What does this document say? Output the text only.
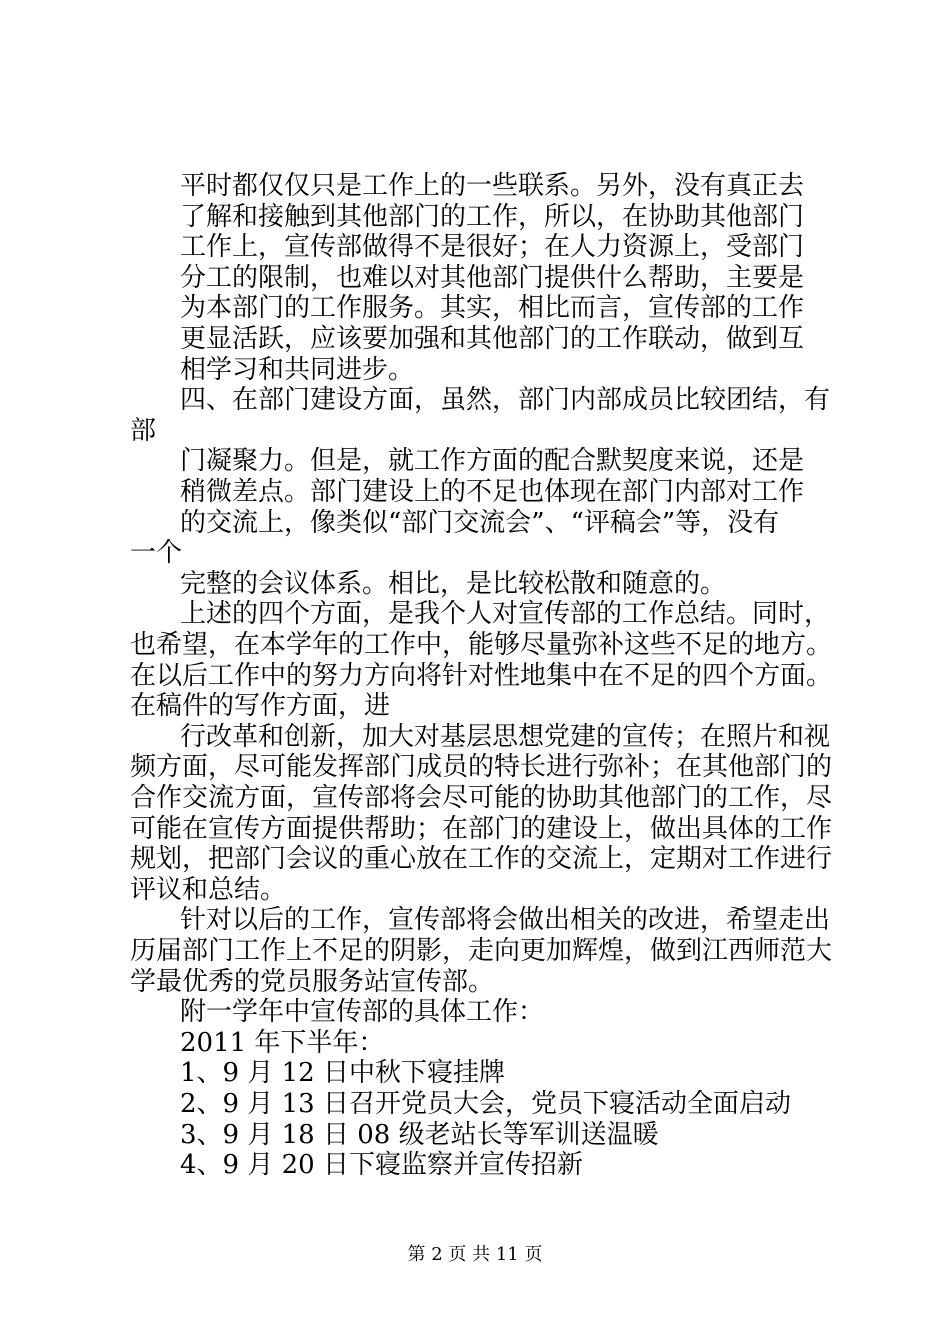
平时都仅仅只是工作上的一些联系。另外，没有真正去
了解和接触到其他部门的工作，所以，在协助其他部门
工作上，宣传部做得不是很好；在人力资源上，受部门
分工的限制，也难以对其他部门提供什么帮助，主要是
为本部门的工作服务。其实，相比而言，宣传部的工作
更显活跃，应该要加强和其他部门的工作联动，做到互
相学习和共同进步。
四、在部门建设方面，虽然，部门内部成员比较团结，有
部
门凝聚力。但是，就工作方面的配合默契度来说，还是
稍微差点。部门建设上的不足也体现在部门内部对工作
的交流上，像类似“部门交流会”、“评稿会”等，没有
一个
完整的会议体系。相比，是比较松散和随意的。
上述的四个方面，是我个人对宣传部的工作总结。同时，
也希望，在本学年的工作中，能够尽量弥补这些不足的地方。
在以后工作中的努力方向将针对性地集中在不足的四个方面。
在稿件的写作方面，进
行改革和创新，加大对基层思想党建的宣传；在照片和视
频方面，尽可能发挥部门成员的特长进行弥补；在其他部门的
合作交流方面，宣传部将会尽可能的协助其他部门的工作，尽
可能在宣传方面提供帮助；在部门的建设上，做出具体的工作
规划，把部门会议的重心放在工作的交流上，定期对工作进行
评议和总结。
针对以后的工作，宣传部将会做出相关的改进，希望走出
历届部门工作上不足的阴影，走向更加辉煌，做到江西师范大
学最优秀的党员服务站宣传部。
附一学年中宣传部的具体工作：
2011 年下半年：
1、9 月 12 日中秋下寝挂牌
2、9 月 13 日召开党员大会，党员下寝活动全面启动
3、9 月 18 日 08 级老站长等军训送温暖
4、9 月 20 日下寝监察并宣传招新
第 2 页 共 11 页
